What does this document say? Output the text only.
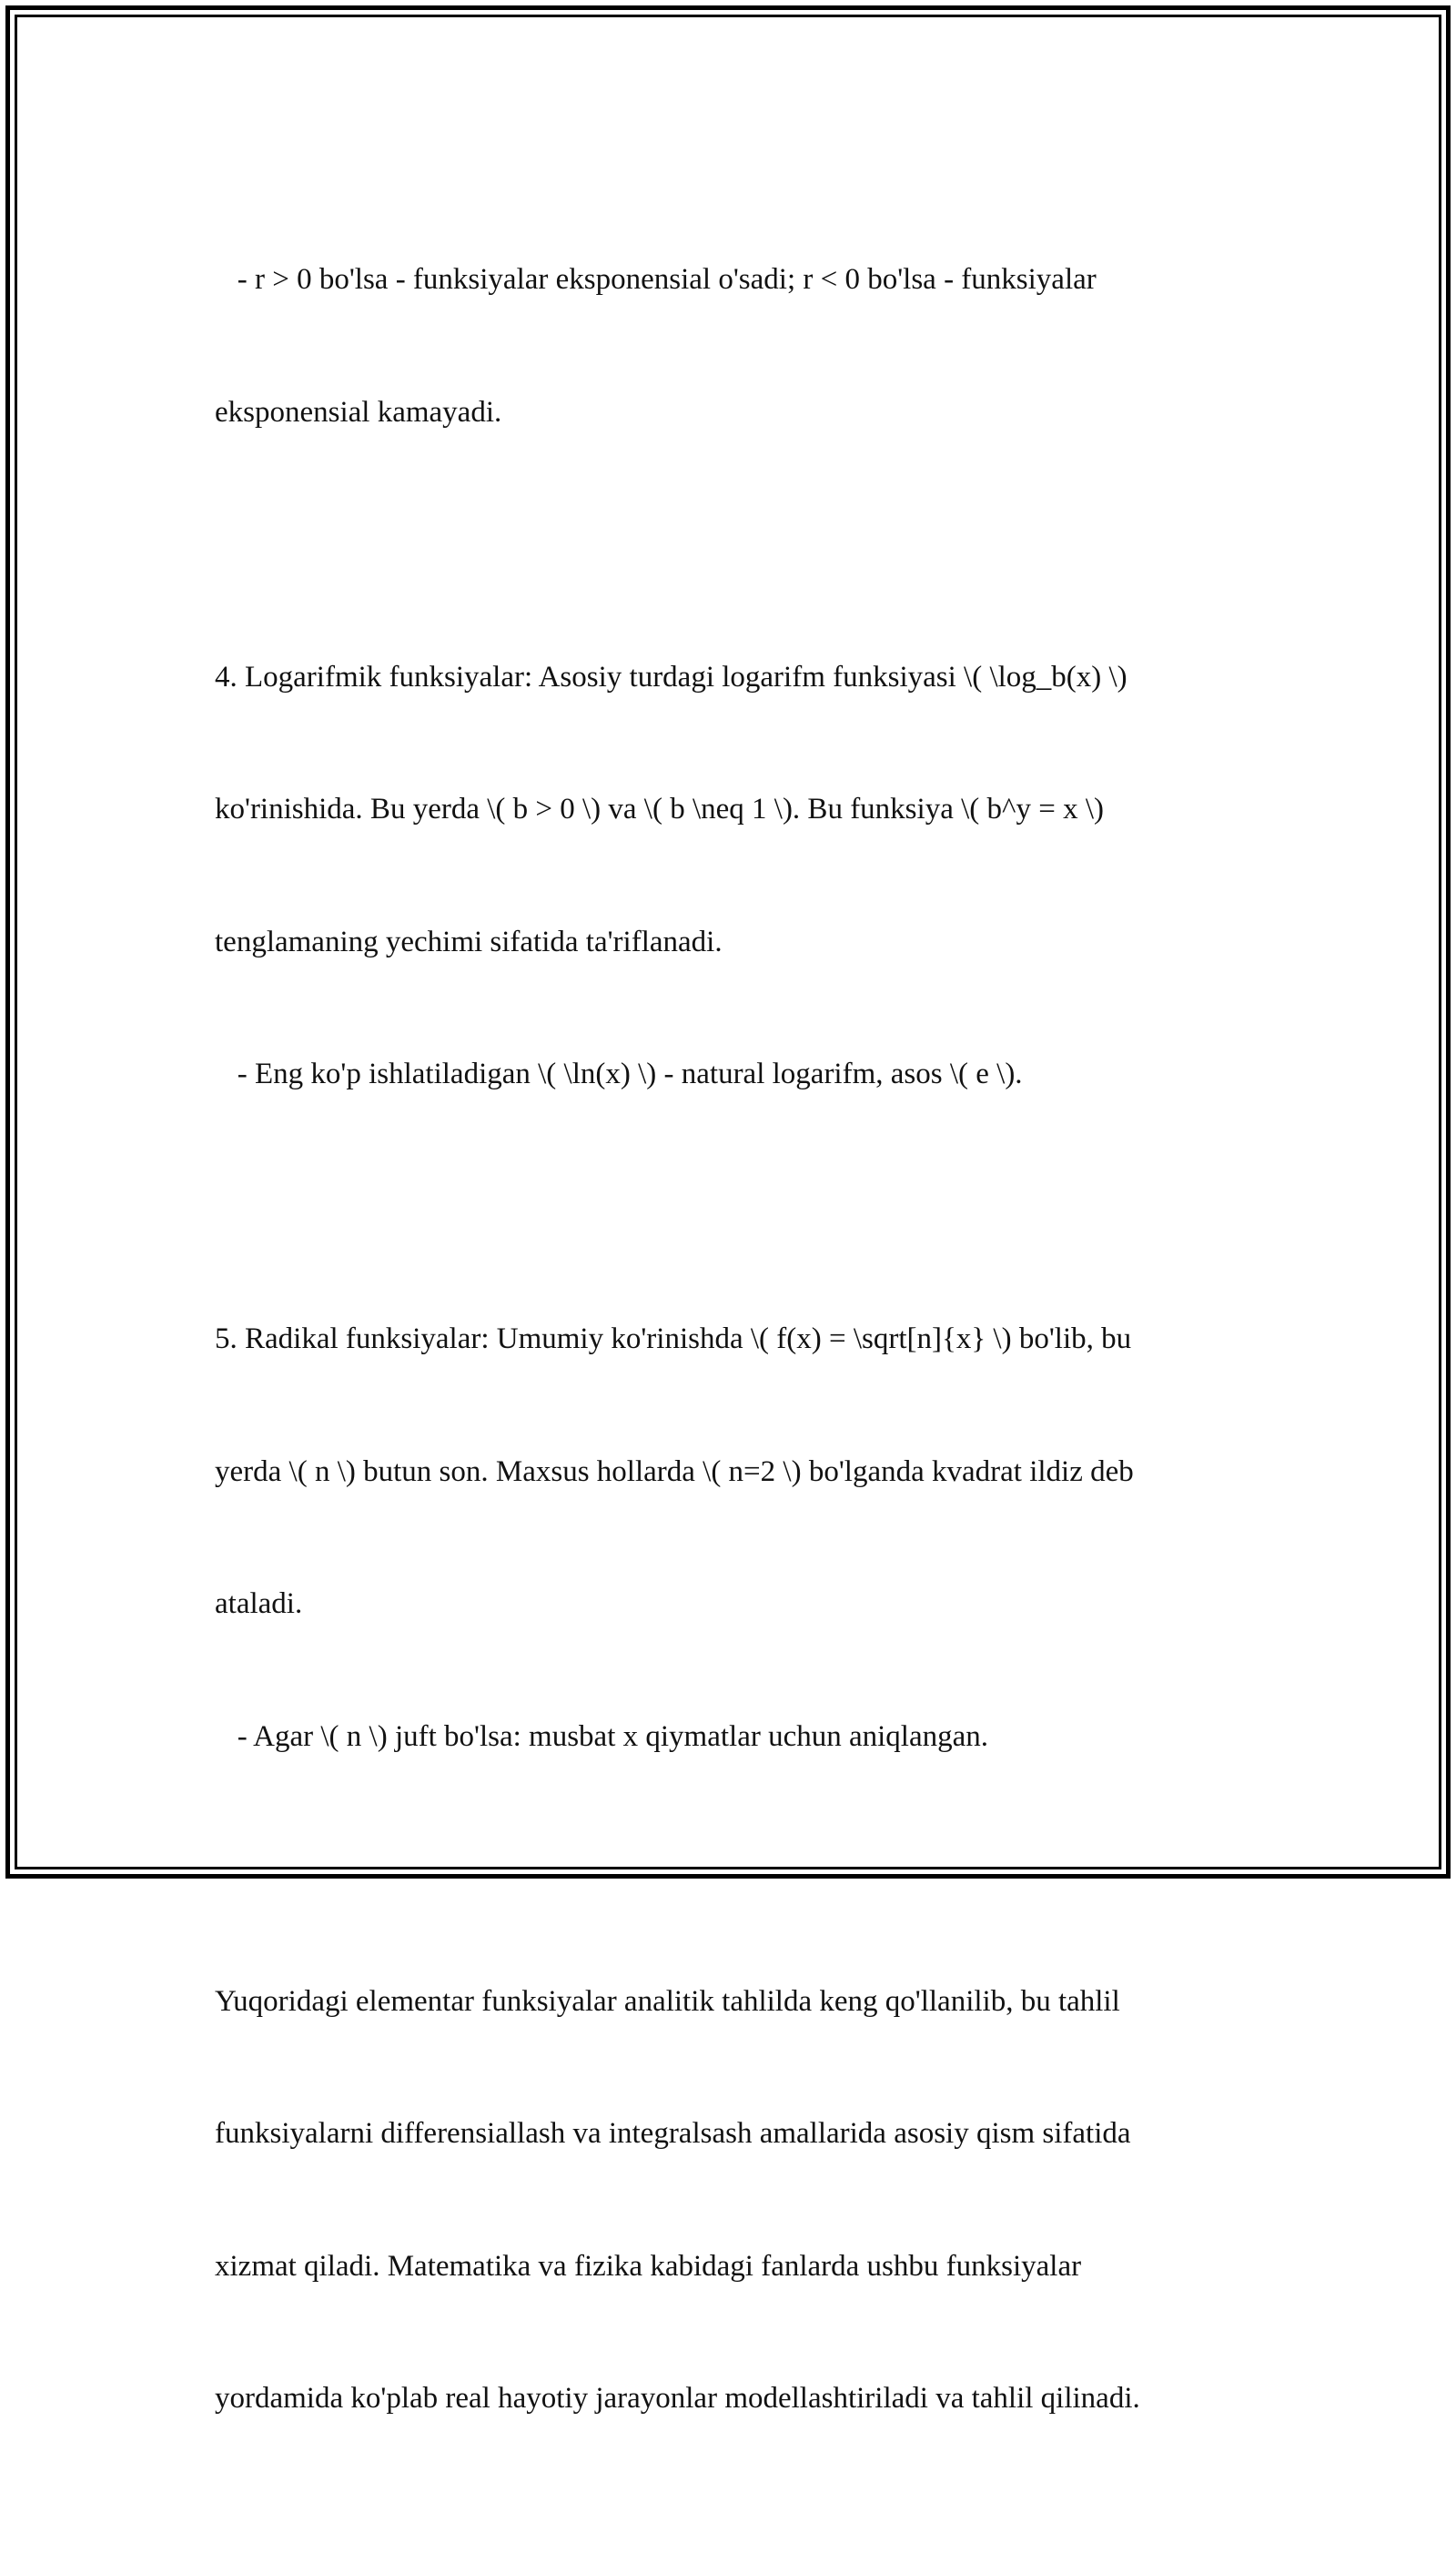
- r > 0 bo'lsa - funksiyalar eksponensial o'sadi; r < 0 bo'lsa - funksiyalar

eksponensial kamayadi.

4. Logarifmik funksiyalar: Asosiy turdagi logarifm funksiyasi \( \log_b(x) \)

ko'rinishida. Bu yerda \( b > 0 \) va \( b \neq 1 \). Bu funksiya \( b^y = x \)

tenglamaning yechimi sifatida ta'riflanadi.

- Eng ko'p ishlatiladigan \( \ln(x) \) - natural logarifm, asos \( e \).

5. Radikal funksiyalar: Umumiy ko'rinishda \( f(x) = \sqrt[n]{x} \) bo'lib, bu

yerda \( n \) butun son. Maxsus hollarda \( n=2 \) bo'lganda kvadrat ildiz deb

ataladi.

- Agar \( n \) juft bo'lsa: musbat x qiymatlar uchun aniqlangan.

Yuqoridagi elementar funksiyalar analitik tahlilda keng qo'llanilib, bu tahlil

funksiyalarni differensiallash va integralsash amallarida asosiy qism sifatida

xizmat qiladi. Matematika va fizika kabidagi fanlarda ushbu funksiyalar

yordamida ko'plab real hayotiy jarayonlar modellashtiriladi va tahlil qilinadi.
